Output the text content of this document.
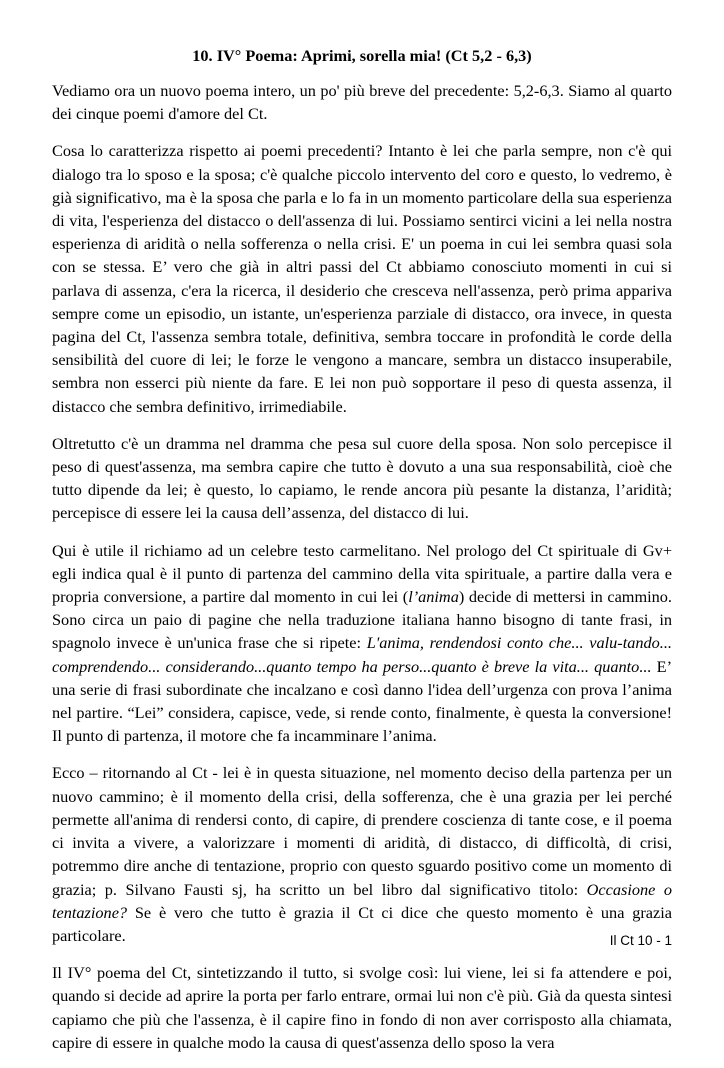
10. IV° Poema: Aprimi, sorella mia! (Ct 5,2 - 6,3)

Vediamo ora un nuovo poema intero, un po' più breve del precedente: 5,2-6,3. Siamo al quarto dei cinque poemi d'amore del Ct.

Cosa lo caratterizza rispetto ai poemi precedenti? Intanto è lei che parla sempre, non c'è qui dialogo tra lo sposo e la sposa; c'è qualche piccolo intervento del coro e questo, lo vedremo, è già significativo, ma è la sposa che parla e lo fa in un momento particolare della sua esperienza di vita, l'esperienza del distacco o dell'assenza di lui. Possiamo sentirci vicini a lei nella nostra esperienza di aridità o nella sofferenza o nella crisi. E' un poema in cui lei sembra quasi sola con se stessa. E’ vero che già in altri passi del Ct abbiamo conosciuto momenti in cui si parlava di assenza, c'era la ricerca, il desiderio che cresceva nell'assenza, però prima appariva sempre come un episodio, un istante, un'esperienza parziale di distacco, ora invece, in questa pagina del Ct, l'assenza sembra totale, definitiva, sembra toccare in profondità le corde della sensibilità del cuore di lei; le forze le vengono a mancare, sembra un distacco insuperabile, sembra non esserci più niente da fare. E lei non può sopportare il peso di questa assenza, il distacco che sembra definitivo, irrimediabile.

Oltretutto c'è un dramma nel dramma che pesa sul cuore della sposa. Non solo percepisce il peso di quest'assenza, ma sembra capire che tutto è dovuto a una sua responsabilità, cioè che tutto dipende da lei; è questo, lo capiamo, le rende ancora più pesante la distanza, l’aridità; percepisce di essere lei la causa dell’assenza, del distacco di lui.

Qui è utile il richiamo ad un celebre testo carmelitano. Nel prologo del Ct spirituale di Gv+ egli indica qual è il punto di partenza del cammino della vita spirituale, a partire dalla vera e propria conversione, a partire dal momento in cui lei (l’anima) decide di mettersi in cammino. Sono circa un paio di pagine che nella traduzione italiana hanno bisogno di tante frasi, in spagnolo invece è un'unica frase che si ripete: L'anima, rendendosi conto che... valu-tando... comprendendo... considerando...quanto tempo ha perso...quanto è breve la vita... quanto... E’ una serie di frasi subordinate che incalzano e così danno l'idea dell’urgenza con prova l’anima nel partire. “Lei” considera, capisce, vede, si rende conto, finalmente, è questa la conversione! Il punto di partenza, il motore che fa incamminare l’anima.

Ecco – ritornando al Ct - lei è in questa situazione, nel momento deciso della partenza per un nuovo cammino; è il momento della crisi, della sofferenza, che è una grazia per lei perché permette all'anima di rendersi conto, di capire, di prendere coscienza di tante cose, e il poema ci invita a vivere, a valorizzare i momenti di aridità, di distacco, di difficoltà, di crisi, potremmo dire anche di tentazione, proprio con questo sguardo positivo come un momento di grazia; p. Silvano Fausti sj, ha scritto un bel libro dal significativo titolo: Occasione o tentazione? Se è vero che tutto è grazia il Ct ci dice che questo momento è una grazia particolare.

Il IV° poema del Ct, sintetizzando il tutto, si svolge così: lui viene, lei si fa attendere e poi, quando si decide ad aprire la porta per farlo entrare, ormai lui non c'è più. Già da questa sintesi capiamo che più che l'assenza, è il capire fino in fondo di non aver corrisposto alla chiamata, capire di essere in qualche modo la causa di quest'assenza dello sposo la vera

Il Ct 10 - 1
